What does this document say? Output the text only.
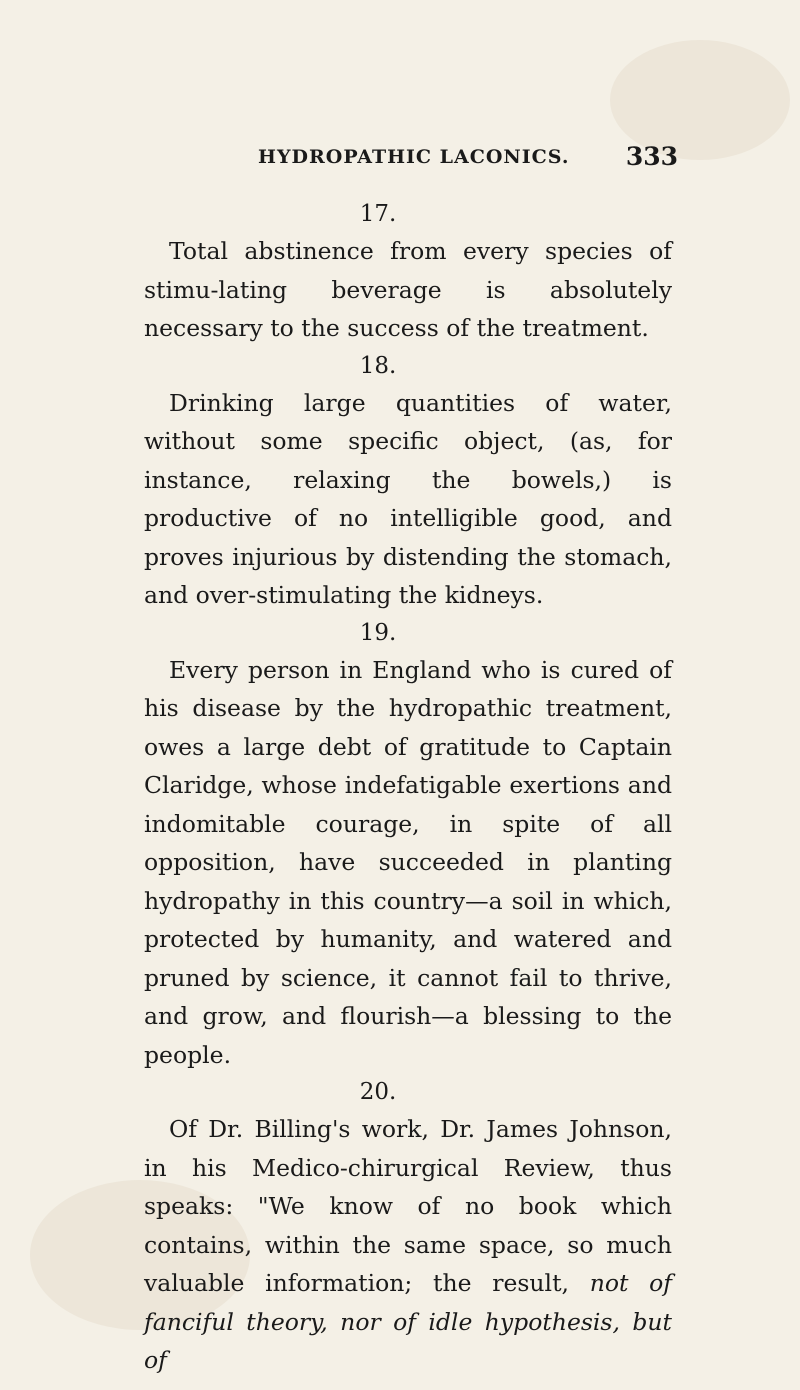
HYDROPATHIC LACONICS. 333
17.

Total abstinence from every species of stimu-lating beverage is absolutely necessary to the success of the treatment.

18.

Drinking large quantities of water, without some specific object, (as, for instance, relaxing the bowels,) is productive of no intelligible good, and proves injurious by distending the stomach, and over-stimulating the kidneys.

19.

Every person in England who is cured of his disease by the hydropathic treatment, owes a large debt of gratitude to Captain Claridge, whose indefatigable exertions and indomitable courage, in spite of all opposition, have succeeded in planting hydropathy in this country—a soil in which, protected by humanity, and watered and pruned by science, it cannot fail to thrive, and grow, and flourish—a blessing to the people.

20.

Of Dr. Billing's work, Dr. James Johnson, in his Medico-chirurgical Review, thus speaks: "We know of no book which contains, within the same space, so much valuable information; the result, not of fanciful theory, nor of idle hypothesis, but of
